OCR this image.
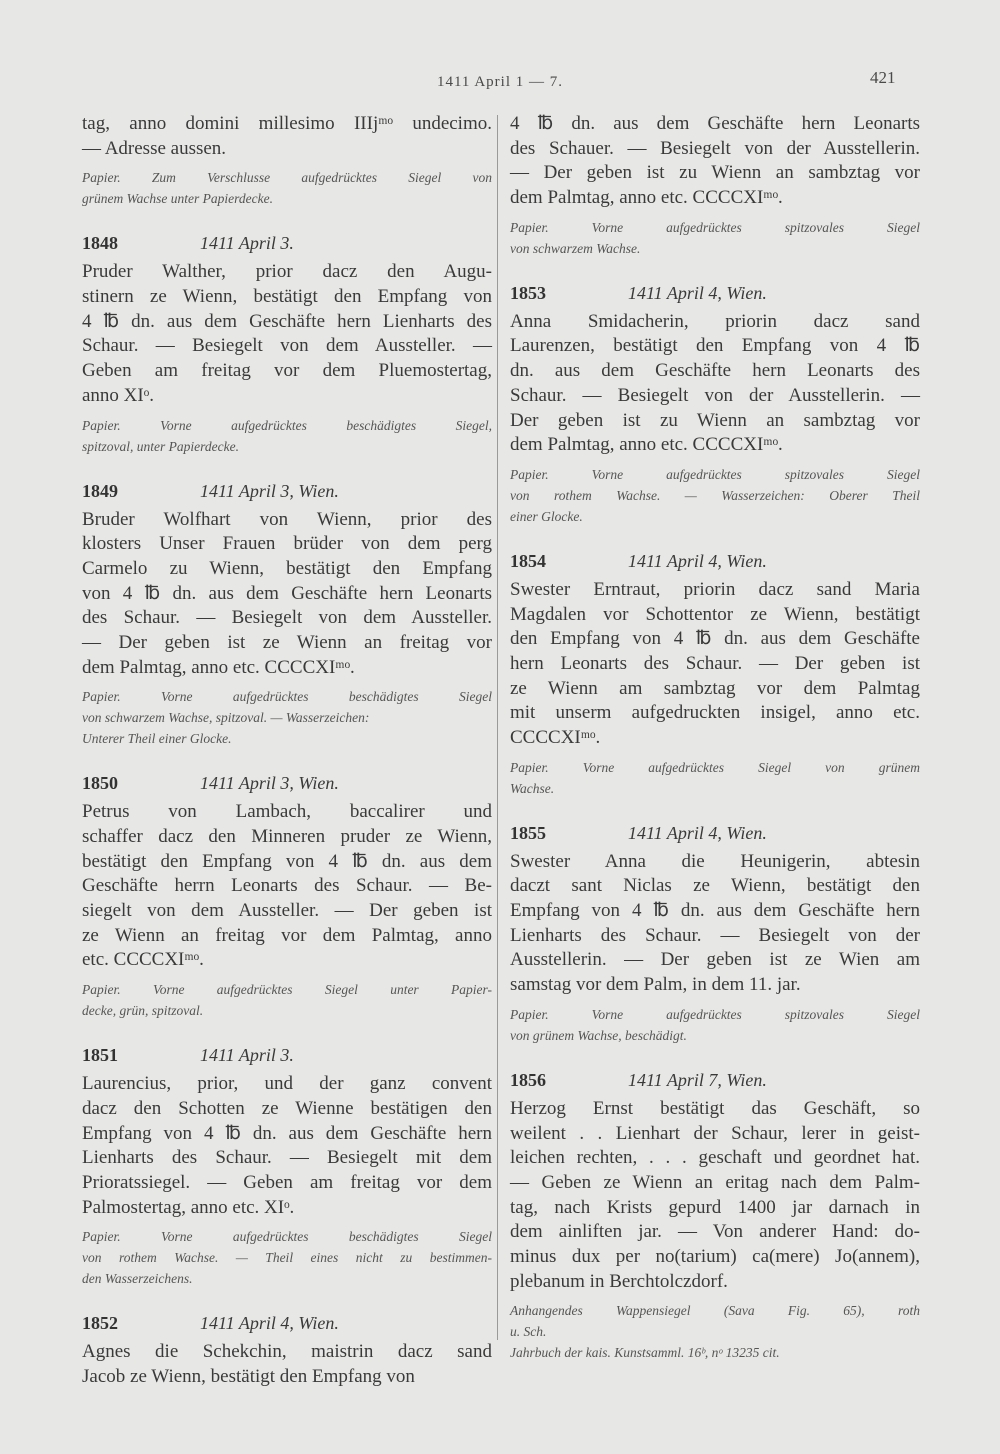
1411 April 1 — 7.	421
tag, anno domini millesimo IIIjᵐᵒ undecimo.
— Adresse aussen.
Papier. Zum Verschlusse aufgedrücktes Siegel von
grünem Wachse unter Papierdecke.
1848	1411 April 3.
Pruder Walther, prior dacz den Augu-
stinern ze Wienn, bestätigt den Empfang von
4 ℔ dn. aus dem Geschäfte hern Lienharts des
Schaur. — Besiegelt von dem Aussteller. —
Geben am freitag vor dem Pluemostertag,
anno XIᵒ.
Papier. Vorne aufgedrücktes beschädigtes Siegel,
spitzoval, unter Papierdecke.
1849	1411 April 3, Wien.
Bruder Wolfhart von Wienn, prior des
klosters Unser Frauen brüder von dem perg
Carmelo zu Wienn, bestätigt den Empfang
von 4 ℔ dn. aus dem Geschäfte hern Leonarts
des Schaur. — Besiegelt von dem Aussteller.
— Der geben ist ze Wienn an freitag vor
dem Palmtag, anno etc. CCCCXIᵐᵒ.
Papier. Vorne aufgedrücktes beschädigtes Siegel
von schwarzem Wachse, spitzoval. — Wasserzeichen:
Unterer Theil einer Glocke.
1850	1411 April 3, Wien.
Petrus von Lambach, baccalirer und
schaffer dacz den Minneren pruder ze Wienn,
bestätigt den Empfang von 4 ℔ dn. aus dem
Geschäfte herrn Leonarts des Schaur. — Be-
siegelt von dem Aussteller. — Der geben ist
ze Wienn an freitag vor dem Palmtag, anno
etc. CCCCXIᵐᵒ.
Papier. Vorne aufgedrücktes Siegel unter Papier-
decke, grün, spitzoval.
1851	1411 April 3.
Laurencius, prior, und der ganz convent
dacz den Schotten ze Wienne bestätigen den
Empfang von 4 ℔ dn. aus dem Geschäfte hern
Lienharts des Schaur. — Besiegelt mit dem
Prioratssiegel. — Geben am freitag vor dem
Palmostertag, anno etc. XIᵒ.
Papier. Vorne aufgedrücktes beschädigtes Siegel
von rothem Wachse. — Theil eines nicht zu bestimmen-
den Wasserzeichens.
1852	1411 April 4, Wien.
Agnes die Schekchin, maistrin dacz sand
Jacob ze Wienn, bestätigt den Empfang von
4 ℔ dn. aus dem Geschäfte hern Leonarts
des Schauer. — Besiegelt von der Ausstellerin.
— Der geben ist zu Wienn an sambztag vor
dem Palmtag, anno etc. CCCCXIᵐᵒ.
Papier. Vorne aufgedrücktes spitzovales Siegel
von schwarzem Wachse.
1853	1411 April 4, Wien.
Anna Smidacherin, priorin dacz sand
Laurenzen, bestätigt den Empfang von 4 ℔
dn. aus dem Geschäfte hern Leonarts des
Schaur. — Besiegelt von der Ausstellerin. —
Der geben ist zu Wienn an sambztag vor
dem Palmtag, anno etc. CCCCXIᵐᵒ.
Papier. Vorne aufgedrücktes spitzovales Siegel
von rothem Wachse. — Wasserzeichen: Oberer Theil
einer Glocke.
1854	1411 April 4, Wien.
Swester Erntraut, priorin dacz sand Maria
Magdalen vor Schottentor ze Wienn, bestätigt
den Empfang von 4 ℔ dn. aus dem Geschäfte
hern Leonarts des Schaur. — Der geben ist
ze Wienn am sambztag vor dem Palmtag
mit unserm aufgedruckten insigel, anno etc.
CCCCXIᵐᵒ.
Papier. Vorne aufgedrücktes Siegel von grünem
Wachse.
1855	1411 April 4, Wien.
Swester Anna die Heunigerin, abtesin
daczt sant Niclas ze Wienn, bestätigt den
Empfang von 4 ℔ dn. aus dem Geschäfte hern
Lienharts des Schaur. — Besiegelt von der
Ausstellerin. — Der geben ist ze Wien am
samstag vor dem Palm, in dem 11. jar.
Papier. Vorne aufgedrücktes spitzovales Siegel
von grünem Wachse, beschädigt.
1856	1411 April 7, Wien.
Herzog Ernst bestätigt das Geschäft, so
weilent . . Lienhart der Schaur, lerer in geist-
leichen rechten, . . . geschaft und geordnet hat.
— Geben ze Wienn an eritag nach dem Palm-
tag, nach Krists gepurd 1400 jar darnach in
dem ainliften jar. — Von anderer Hand: do-
minus dux per no(tarium) ca(mere) Jo(annem),
plebanum in Berchtolczdorf.
Anhangendes Wappensiegel (Sava Fig. 65), roth
u. Sch.
Jahrbuch der kais. Kunstsamml. 16ᵇ, nᵒ 13235 cit.
